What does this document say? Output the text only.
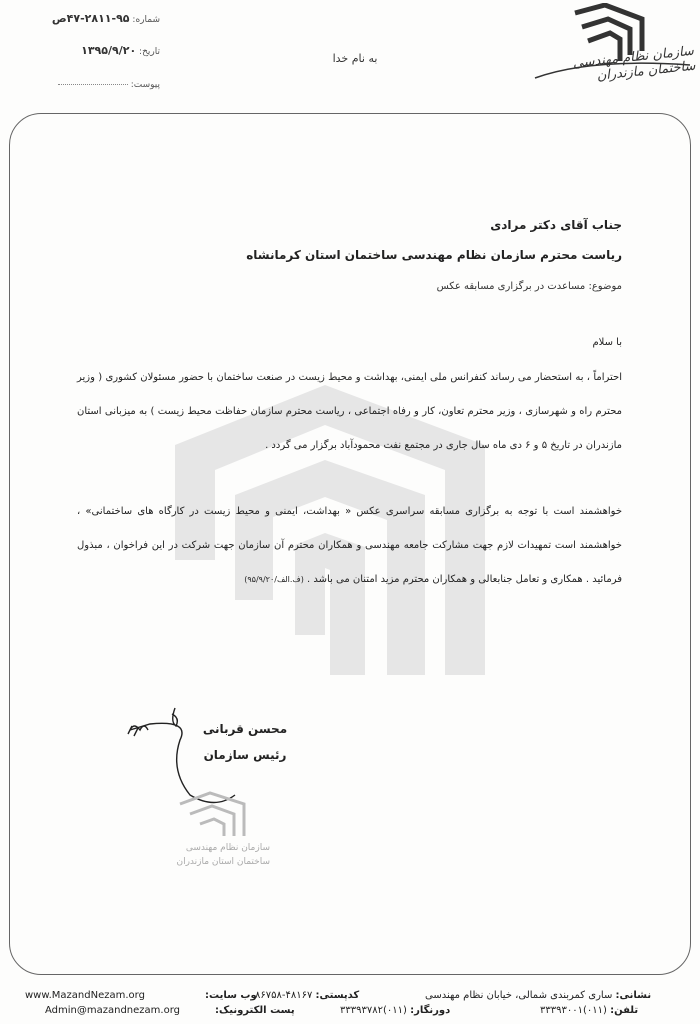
شماره: ۹۵-۲۸۱۱-۴۷ص
تاریخ: ۱۳۹۵/۹/۲۰
پیوست:
به نام خدا	سازمان نظام مهندسی ساختمان مازندران
جناب آقای دکتر مرادی
ریاست محترم سازمان نظام مهندسی ساختمان استان کرمانشاه
موضوع: مساعدت در برگزاری مسابقه عکس
با سلام
احتراماً ، به استحضار می رساند کنفرانس ملی ایمنی، بهداشت و محیط زیست در صنعت ساختمان با حضور مسئولان کشوری ( وزیر محترم راه و شهرسازی ، وزیر محترم تعاون، کار و رفاه اجتماعی ، ریاست محترم سازمان حفاظت محیط زیست ) به میزبانی استان مازندران در تاریخ ۵ و ۶ دی ماه سال جاری در مجتمع نفت محمودآباد برگزار می گردد .
خواهشمند است با توجه به برگزاری مسابقه سراسری عکس « بهداشت، ایمنی و محیط زیست در کارگاه های ساختمانی» ، خواهشمند است تمهیدات لازم جهت مشارکت جامعه مهندسی و همکاران محترم آن سازمان جهت شرکت در این فراخوان ، مبذول فرمائید . همکاری و تعامل جنابعالی و همکاران محترم مزید امتنان می باشد . (ف.الف/۹۵/۹/۲۰)
محسن قربانی
رئیس سازمان
سازمان نظام مهندسی
ساختمان استان مازندران
www.MazandNezam.org	وب سایت:
Admin@mazandnezam.org	پست الکترونیک:
کدپستی: ۴۸۱۶۷-۸۶۷۵۸
دورنگار: (۰۱۱)۳۳۳۹۳۷۸۲
نشانی: ساری کمربندی شمالی، خیابان نظام مهندسی
تلفن: (۰۱۱)۳۳۳۹۳۰۰۱
